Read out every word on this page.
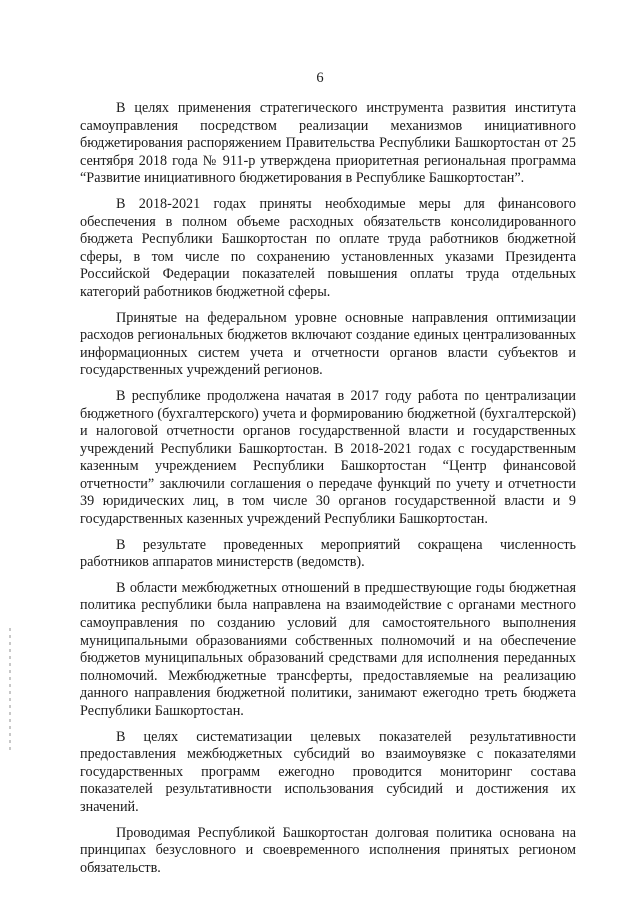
6

В целях применения стратегического инструмента развития института самоуправления посредством реализации механизмов инициативного бюджетирования распоряжением Правительства Республики Башкортостан от 25 сентября 2018 года № 911-р утверждена приоритетная региональная программа “Развитие инициативного бюджетирования в Республике Башкортостан”.

В 2018-2021 годах приняты необходимые меры для финансового обеспечения в полном объеме расходных обязательств консолидированного бюджета Республики Башкортостан по оплате труда работников бюджетной сферы, в том числе по сохранению установленных указами Президента Российской Федерации показателей повышения оплаты труда отдельных категорий работников бюджетной сферы.

Принятые на федеральном уровне основные направления оптимизации расходов региональных бюджетов включают создание единых централизованных информационных систем учета и отчетности органов власти субъектов и государственных учреждений регионов.

В республике продолжена начатая в 2017 году работа по централизации бюджетного (бухгалтерского) учета и формированию бюджетной (бухгалтерской) и налоговой отчетности органов государственной власти и государственных учреждений Республики Башкортостан. В 2018-2021 годах с государственным казенным учреждением Республики Башкортостан “Центр финансовой отчетности” заключили соглашения о передаче функций по учету и отчетности 39 юридических лиц, в том числе 30 органов государственной власти и 9 государственных казенных учреждений Республики Башкортостан.

В результате проведенных мероприятий сокращена численность работников аппаратов министерств (ведомств).

В области межбюджетных отношений в предшествующие годы бюджетная политика республики была направлена на взаимодействие с органами местного самоуправления по созданию условий для самостоятельного выполнения муниципальными образованиями собственных полномочий и на обеспечение бюджетов муниципальных образований средствами для исполнения переданных полномочий. Межбюджетные трансферты, предоставляемые на реализацию данного направления бюджетной политики, занимают ежегодно треть бюджета Республики Башкортостан.

В целях систематизации целевых показателей результативности предоставления межбюджетных субсидий во взаимоувязке с показателями государственных программ ежегодно проводится мониторинг состава показателей результативности использования субсидий и достижения их значений.

Проводимая Республикой Башкортостан долговая политика основана на принципах безусловного и своевременного исполнения принятых регионом обязательств.
